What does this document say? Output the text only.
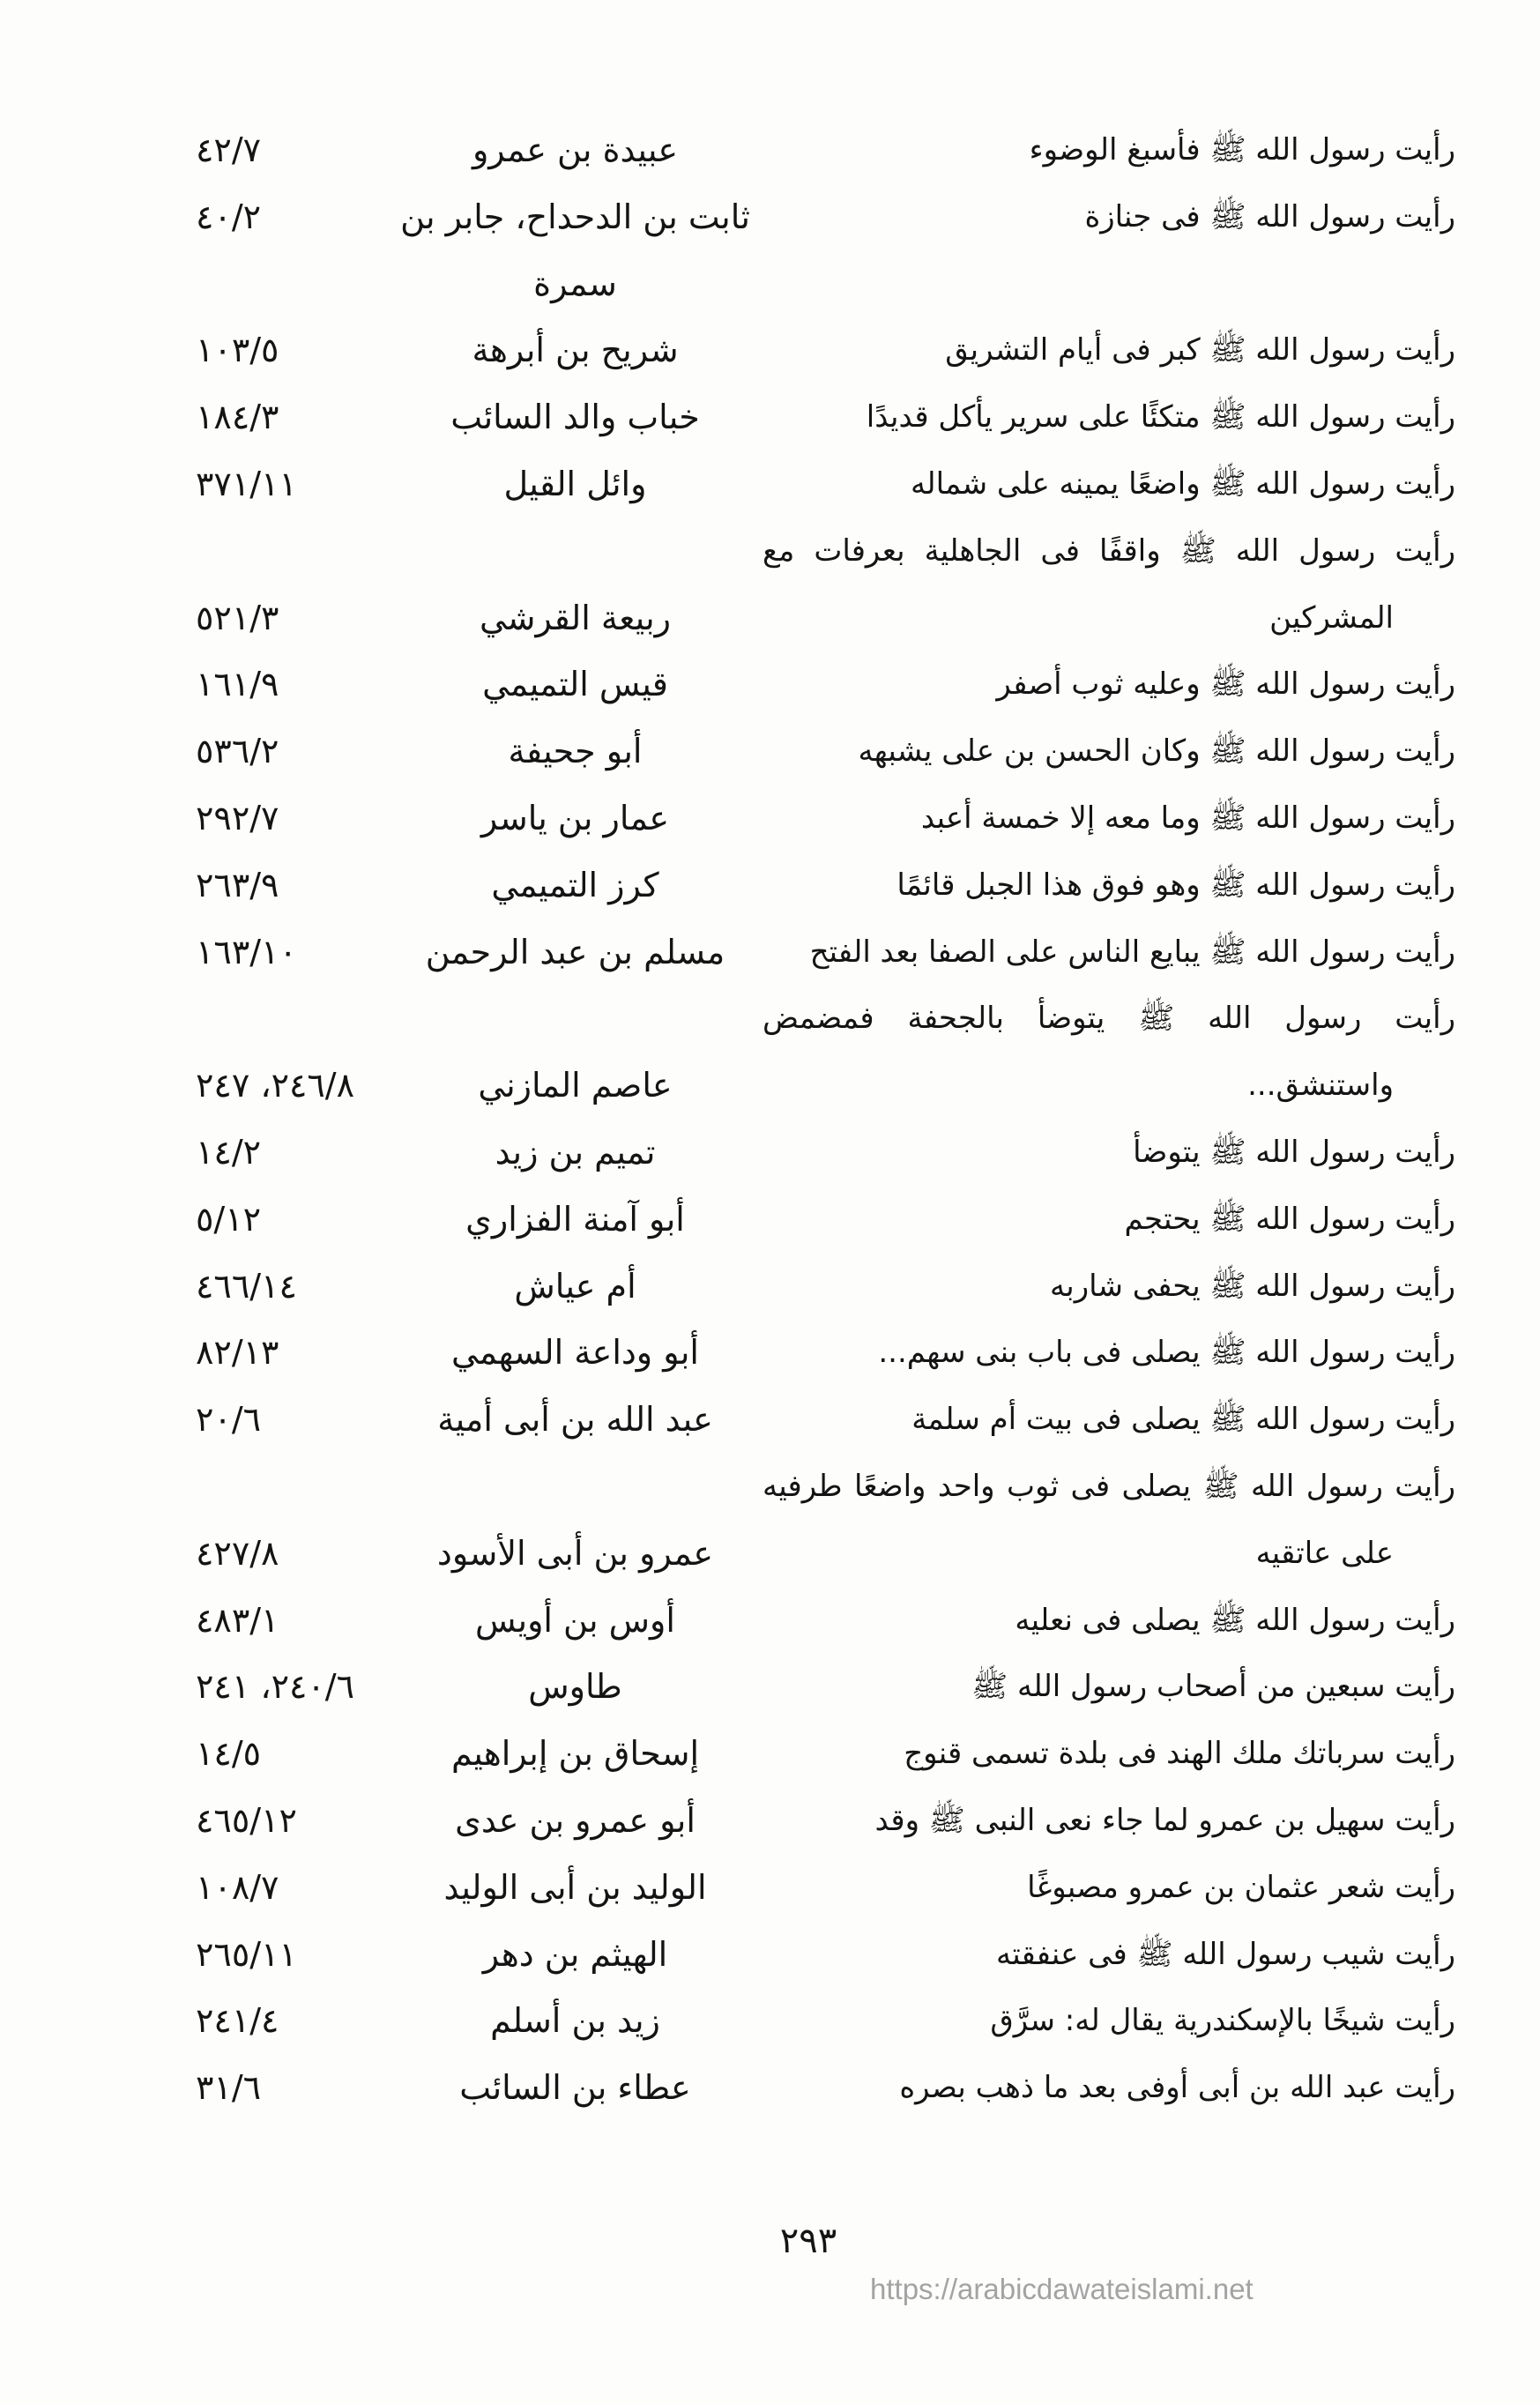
رأيت رسول الله ﷺ فأسبغ الوضوء
عبيدة بن عمرو
٤٢/٧
رأيت رسول الله ﷺ فى جنازة
ثابت بن الدحداح، جابر بن
سمرة
٤٠/٢
رأيت رسول الله ﷺ كبر فى أيام التشريق
شريح بن أبرهة
١٠٣/٥
رأيت رسول الله ﷺ متكئًا على سرير يأكل قديدًا
خباب والد السائب
١٨٤/٣
رأيت رسول الله ﷺ واضعًا يمينه على شماله
وائل القيل
٣٧١/١١
رأيت رسول الله ﷺ واقفًا فى الجاهلية بعرفات مع
المشركين
ربيعة القرشي
٥٢١/٣
رأيت رسول الله ﷺ وعليه ثوب أصفر
قيس التميمي
١٦١/٩
رأيت رسول الله ﷺ وكان الحسن بن على يشبهه
أبو جحيفة
٥٣٦/٢
رأيت رسول الله ﷺ وما معه إلا خمسة أعبد
عمار بن ياسر
٢٩٢/٧
رأيت رسول الله ﷺ وهو فوق هذا الجبل قائمًا
كرز التميمي
٢٦٣/٩
رأيت رسول الله ﷺ يبايع الناس على الصفا بعد الفتح
مسلم بن عبد الرحمن
١٦٣/١٠
رأيت رسول الله ﷺ يتوضأ بالجحفة فمضمض
واستنشق...
عاصم المازني
٢٤٦/٨، ٢٤٧
رأيت رسول الله ﷺ يتوضأ
تميم بن زيد
١٤/٢
رأيت رسول الله ﷺ يحتجم
أبو آمنة الفزاري
٥/١٢
رأيت رسول الله ﷺ يحفى شاربه
أم عياش
٤٦٦/١٤
رأيت رسول الله ﷺ يصلى فى باب بنى سهم...
أبو وداعة السهمي
٨٢/١٣
رأيت رسول الله ﷺ يصلى فى بيت أم سلمة
عبد الله بن أبى أمية
٢٠/٦
رأيت رسول الله ﷺ يصلى فى ثوب واحد واضعًا طرفيه
على عاتقيه
عمرو بن أبى الأسود
٤٢٧/٨
رأيت رسول الله ﷺ يصلى فى نعليه
أوس بن أويس
٤٨٣/١
رأيت سبعين من أصحاب رسول الله ﷺ
طاوس
٢٤٠/٦، ٢٤١
رأيت سرباتك ملك الهند فى بلدة تسمى قنوج
إسحاق بن إبراهيم
١٤/٥
رأيت سهيل بن عمرو لما جاء نعى النبى ﷺ وقد
أبو عمرو بن عدى
٤٦٥/١٢
رأيت شعر عثمان بن عمرو مصبوغًا
الوليد بن أبى الوليد
١٠٨/٧
رأيت شيب رسول الله ﷺ فى عنفقته
الهيثم بن دهر
٢٦٥/١١
رأيت شيخًا بالإسكندرية يقال له: سرَّق
زيد بن أسلم
٢٤١/٤
رأيت عبد الله بن أبى أوفى بعد ما ذهب بصره
عطاء بن السائب
٣١/٦
٢٩٣
https://arabicdawateislami.net
